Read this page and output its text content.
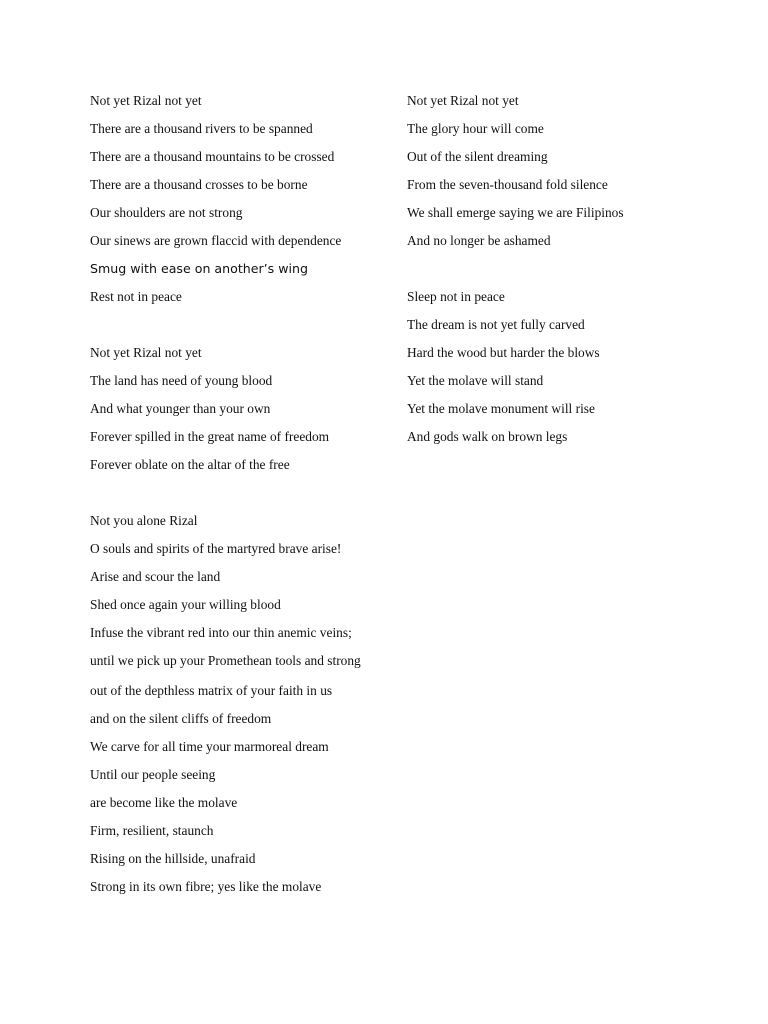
Not yet Rizal not yet
There are a thousand rivers to be spanned
There are a thousand mountains to be crossed
There are a thousand crosses to be borne
Our shoulders are not strong
Our sinews are grown flaccid with dependence
Smug with ease on another’s wing
Rest not in peace
Not yet Rizal not yet
The land has need of young blood
And what younger than your own
Forever spilled in the great name of freedom
Forever oblate on the altar of the free
Not you alone Rizal
O souls and spirits of the martyred brave arise!
Arise and scour the land
Shed once again your willing blood
Infuse the vibrant red into our thin anemic veins;
until we pick up your Promethean tools and strong
out of the depthless matrix of your faith in us
and on the silent cliffs of freedom
We carve for all time your marmoreal dream
Until our people seeing
are become like the molave
Firm, resilient, staunch
Rising on the hillside, unafraid
Strong in its own fibre; yes like the molave
Not yet Rizal not yet
The glory hour will come
Out of the silent dreaming
From the seven-thousand fold silence
We shall emerge saying we are Filipinos
And no longer be ashamed
Sleep not in peace
The dream is not yet fully carved
Hard the wood but harder the blows
Yet the molave will stand
Yet the molave monument will rise
And gods walk on brown legs
